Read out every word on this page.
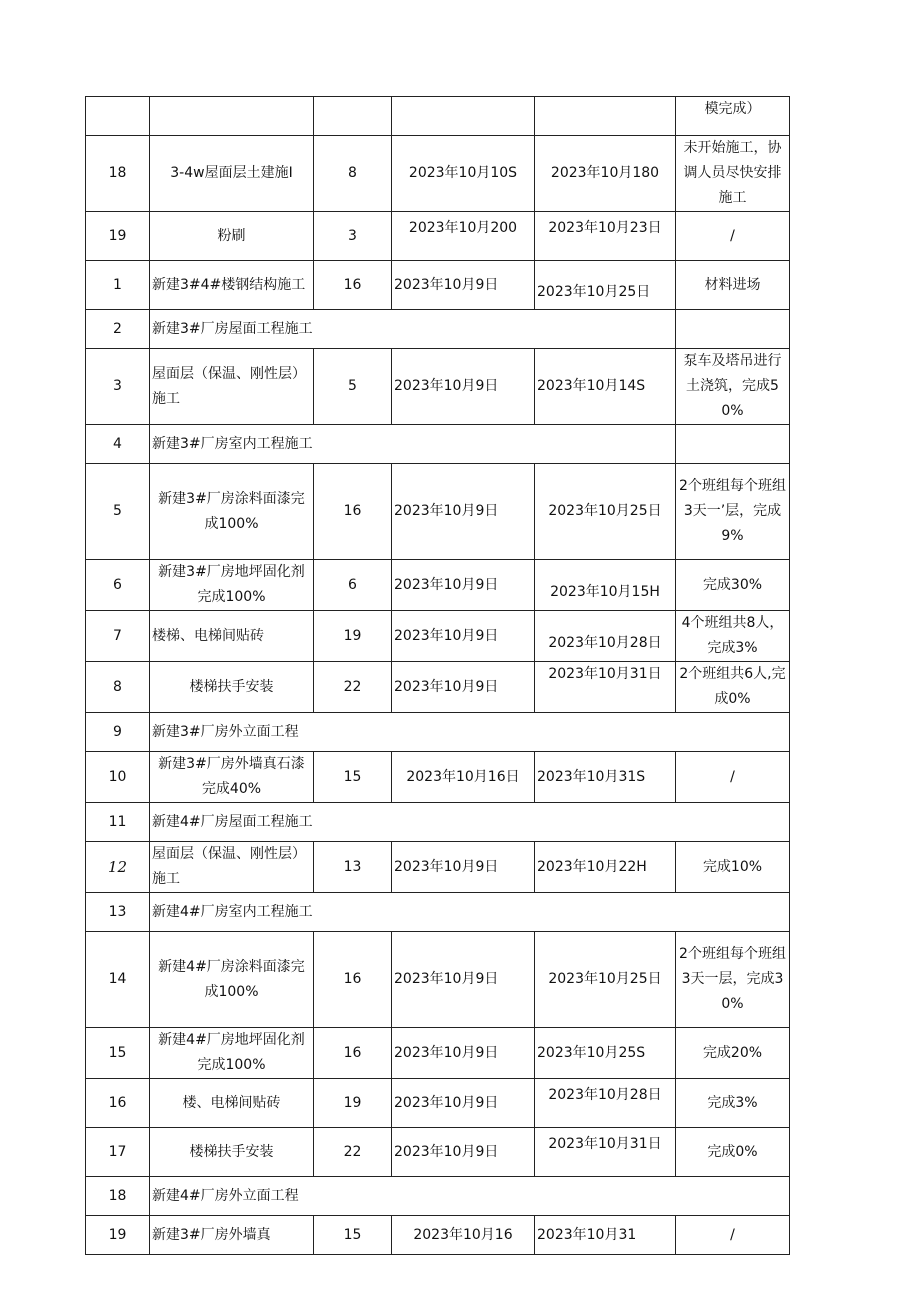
					模完成）
18	3-4w屋面层土建施I	8	2023年10月10S	2023年10月180	未开始施工，协调人员尽快安排施工
19	粉刷	3	2023年10月200	2023年10月23日	/
1	新建3#4#楼钢结构施工	16	2023年10月9日	2023年10月25日	材料进场
2	新建3#厂房屋面工程施工				
3	屋面层（保温、刚性层）施工	5	2023年10月9日	2023年10月14S	泵车及塔吊进行土浇筑，完成50%
4	新建3#厂房室内工程施工				
5	新建3#厂房涂料面漆完成100%	16	2023年10月9日	2023年10月25日	2个班组每个班组3天一’层，完成9%
6	新建3#厂房地坪固化剂完成100%	6	2023年10月9日	2023年10月15H	完成30%
7	楼梯、电梯间贴砖	19	2023年10月9日	2023年10月28日	4个班组共8人，完成3%
8	楼梯扶手安装	22	2023年10月9日	2023年10月31日	2个班组共6人,完成0%
9	新建3#厂房外立面工程				
10	新建3#厂房外墙真石漆完成40%	15	2023年10月16日	2023年10月31S	/
11	新建4#厂房屋面工程施工				
12	屋面层（保温、刚性层）施工	13	2023年10月9日	2023年10月22H	完成10%
13	新建4#厂房室内工程施工				
14	新建4#厂房涂料面漆完成100%	16	2023年10月9日	2023年10月25日	2个班组每个班组3天一层，完成30%
15	新建4#厂房地坪固化剂完成100%	16	2023年10月9日	2023年10月25S	完成20%
16	楼、电梯间贴砖	19	2023年10月9日	2023年10月28日	完成3%
17	楼梯扶手安装	22	2023年10月9日	2023年10月31日	完成0%
18	新建4#厂房外立面工程				
19	新建3#厂房外墙真	15	2023年10月16	2023年10月31	/
